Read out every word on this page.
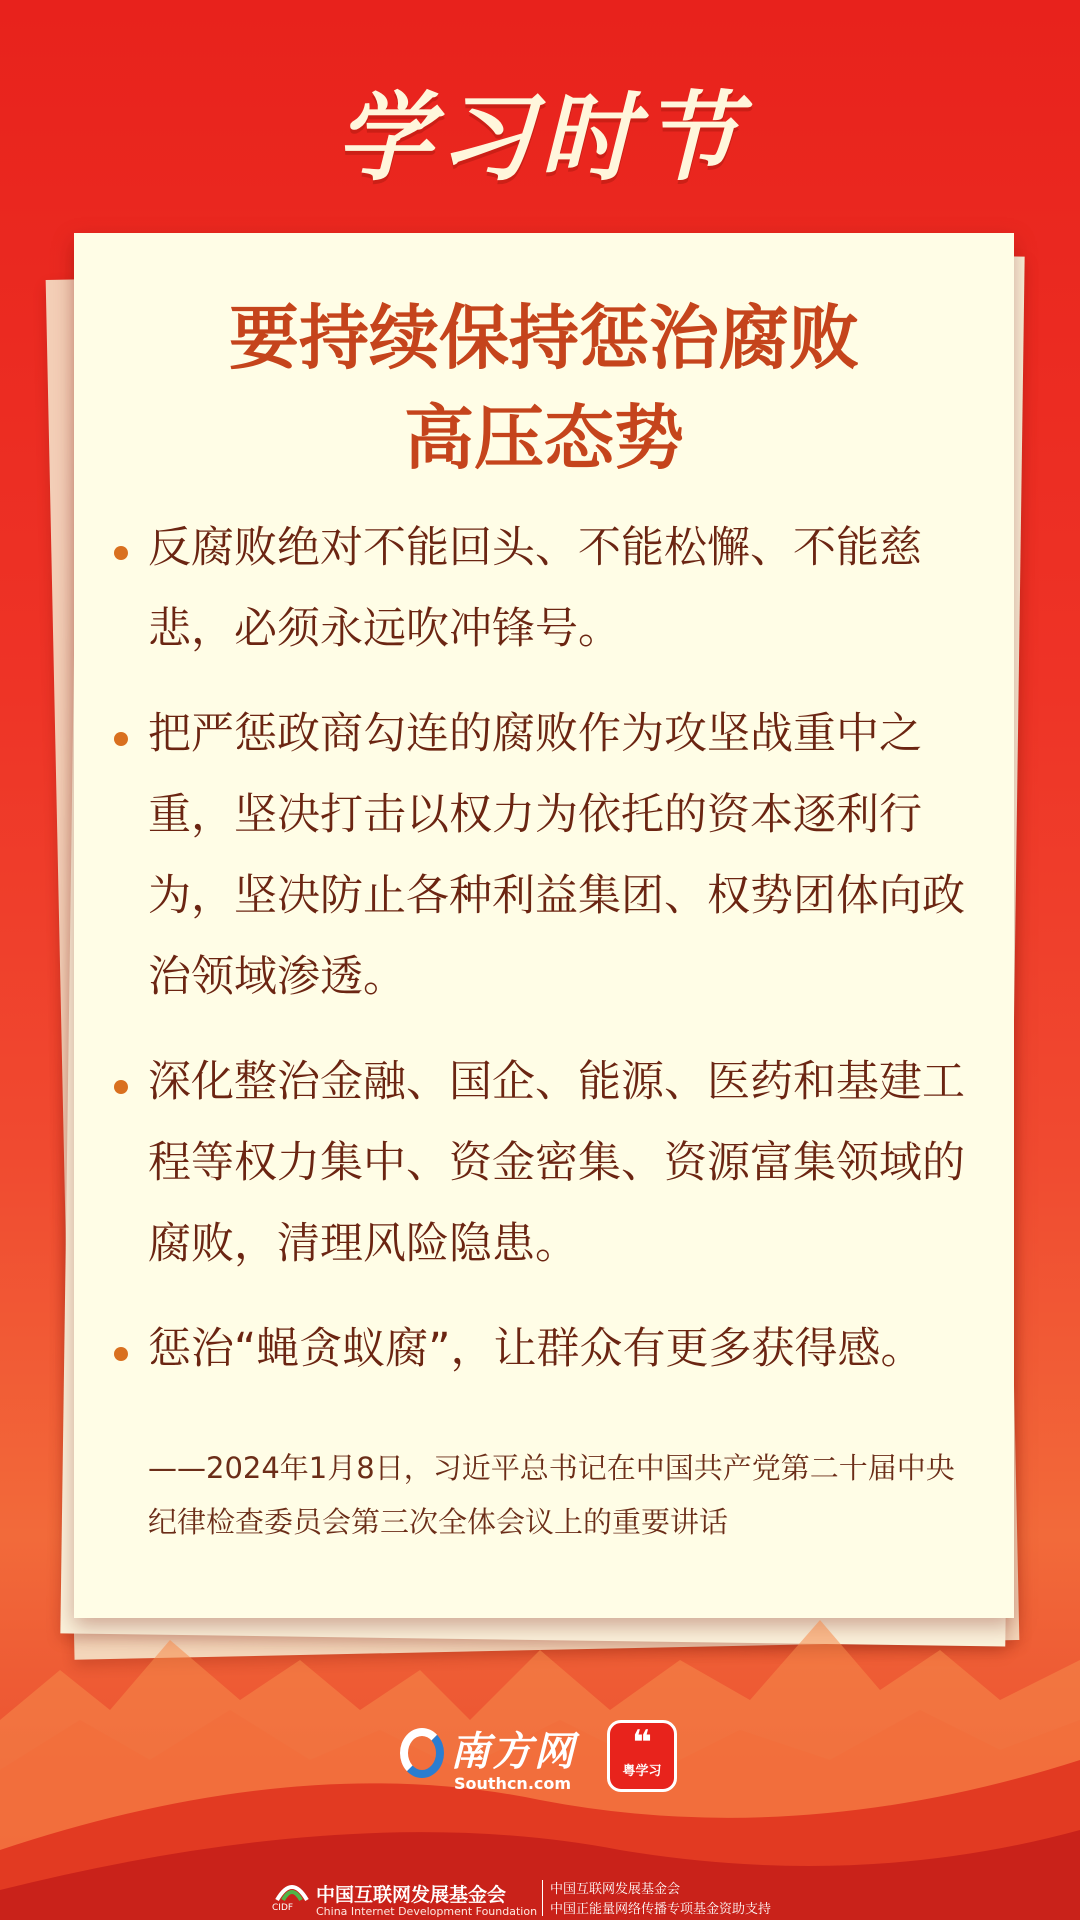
学习时节
要持续保持惩治腐败
高压态势
反腐败绝对不能回头、不能松懈、不能慈悲，必须永远吹冲锋号。
把严惩政商勾连的腐败作为攻坚战重中之重，坚决打击以权力为依托的资本逐利行为，坚决防止各种利益集团、权势团体向政治领域渗透。
深化整治金融、国企、能源、医药和基建工程等权力集中、资金密集、资源富集领域的腐败，清理风险隐患。
惩治“蝇贪蚁腐”，让群众有更多获得感。
——2024年1月8日，习近平总书记在中国共产党第二十届中央纪律检查委员会第三次全体会议上的重要讲话
南方网
Southcn.com
❝
粤学习
CIDF
中国互联网发展基金会
China Internet Development Foundation
中国互联网发展基金会
中国正能量网络传播专项基金资助支持
